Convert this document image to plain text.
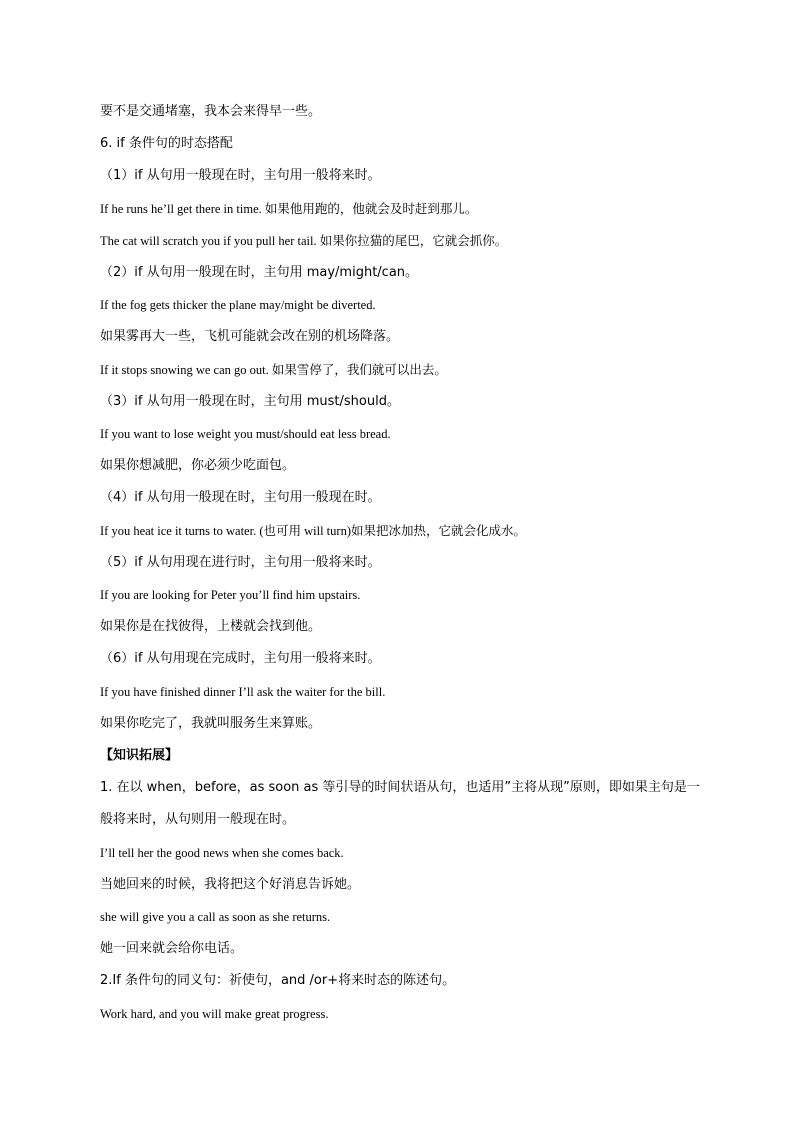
要不是交通堵塞，我本会来得早一些。

6. if 条件句的时态搭配

（1）if 从句用一般现在时，主句用一般将来时。

If he runs he’ll get there in time. 如果他用跑的，他就会及时赶到那儿。

The cat will scratch you if you pull her tail. 如果你拉猫的尾巴，它就会抓你。

（2）if 从句用一般现在时，主句用 may/might/can。

If the fog gets thicker the plane may/might be diverted.

如果雾再大一些，飞机可能就会改在别的机场降落。

If it stops snowing we can go out. 如果雪停了，我们就可以出去。

（3）if 从句用一般现在时，主句用 must/should。

If you want to lose weight you must/should eat less bread.

如果你想减肥，你必须少吃面包。

（4）if 从句用一般现在时，主句用一般现在时。

If you heat ice it turns to water. (也可用 will turn)如果把冰加热，它就会化成水。

（5）if 从句用现在进行时，主句用一般将来时。

If you are looking for Peter you’ll find him upstairs.

如果你是在找彼得，上楼就会找到他。

（6）if 从句用现在完成时，主句用一般将来时。

If you have finished dinner I’ll ask the waiter for the bill.

如果你吃完了，我就叫服务生来算账。

【知识拓展】

1. 在以 when，before，as soon as 等引导的时间状语从句，也适用”主将从现”原则，即如果主句是一

般将来时，从句则用一般现在时。

I’ll tell her the good news when she comes back.

当她回来的时候，我将把这个好消息告诉她。

she will give you a call as soon as she returns.

她一回来就会给你电话。

2.If 条件句的同义句：祈使句，and /or+将来时态的陈述句。

Work hard, and you will make great progress.
